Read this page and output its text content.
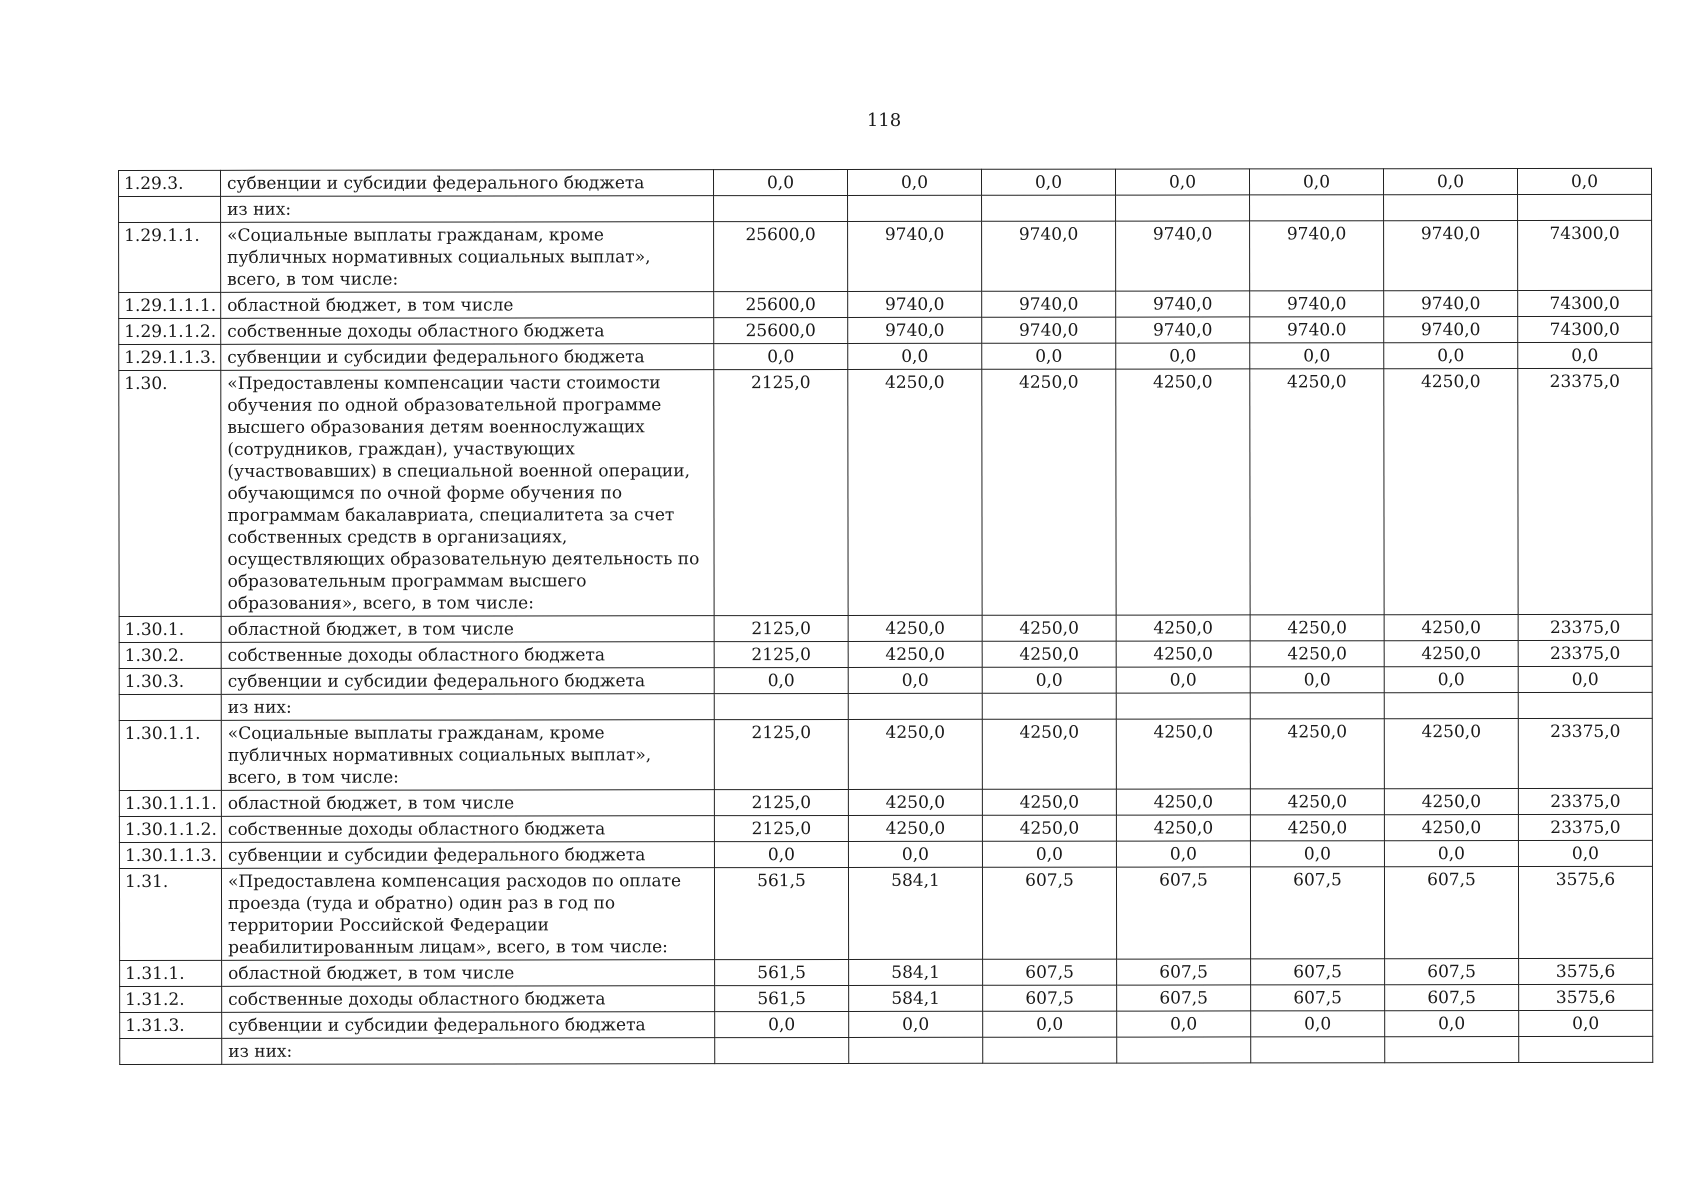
118
1.29.3.	субвенции и субсидии федерального бюджета	0,0	0,0	0,0	0,0	0,0	0,0	0,0
	из них:							
1.29.1.1.	«Социальные выплаты гражданам, кроме публичных нормативных социальных выплат», всего, в том числе:	25600,0	9740,0	9740,0	9740,0	9740,0	9740,0	74300,0
1.29.1.1.1.	областной бюджет, в том числе	25600,0	9740,0	9740,0	9740,0	9740,0	9740,0	74300,0
1.29.1.1.2.	собственные доходы областного бюджета	25600,0	9740,0	9740,0	9740,0	9740.0	9740,0	74300,0
1.29.1.1.3.	субвенции и субсидии федерального бюджета	0,0	0,0	0,0	0,0	0,0	0,0	0,0
1.30.	«Предоставлены компенсации части стоимости обучения по одной образовательной программе высшего образования детям военнослужащих (сотрудников, граждан), участвующих (участвовавших) в специальной военной операции, обучающимся по очной форме обучения по программам бакалавриата, специалитета за счет собственных средств в организациях, осуществляющих образовательную деятельность по образовательным программам высшего образования», всего, в том числе:	2125,0	4250,0	4250,0	4250,0	4250,0	4250,0	23375,0
1.30.1.	областной бюджет, в том числе	2125,0	4250,0	4250,0	4250,0	4250,0	4250,0	23375,0
1.30.2.	собственные доходы областного бюджета	2125,0	4250,0	4250,0	4250,0	4250,0	4250,0	23375,0
1.30.3.	субвенции и субсидии федерального бюджета	0,0	0,0	0,0	0,0	0,0	0,0	0,0
	из них:							
1.30.1.1.	«Социальные выплаты гражданам, кроме публичных нормативных социальных выплат», всего, в том числе:	2125,0	4250,0	4250,0	4250,0	4250,0	4250,0	23375,0
1.30.1.1.1.	областной бюджет, в том числе	2125,0	4250,0	4250,0	4250,0	4250,0	4250,0	23375,0
1.30.1.1.2.	собственные доходы областного бюджета	2125,0	4250,0	4250,0	4250,0	4250,0	4250,0	23375,0
1.30.1.1.3.	субвенции и субсидии федерального бюджета	0,0	0,0	0,0	0,0	0,0	0,0	0,0
1.31.	«Предоставлена компенсация расходов по оплате проезда (туда и обратно) один раз в год по территории Российской Федерации реабилитированным лицам», всего, в том числе:	561,5	584,1	607,5	607,5	607,5	607,5	3575,6
1.31.1.	областной бюджет, в том числе	561,5	584,1	607,5	607,5	607,5	607,5	3575,6
1.31.2.	собственные доходы областного бюджета	561,5	584,1	607,5	607,5	607,5	607,5	3575,6
1.31.3.	субвенции и субсидии федерального бюджета	0,0	0,0	0,0	0,0	0,0	0,0	0,0
	из них:							
